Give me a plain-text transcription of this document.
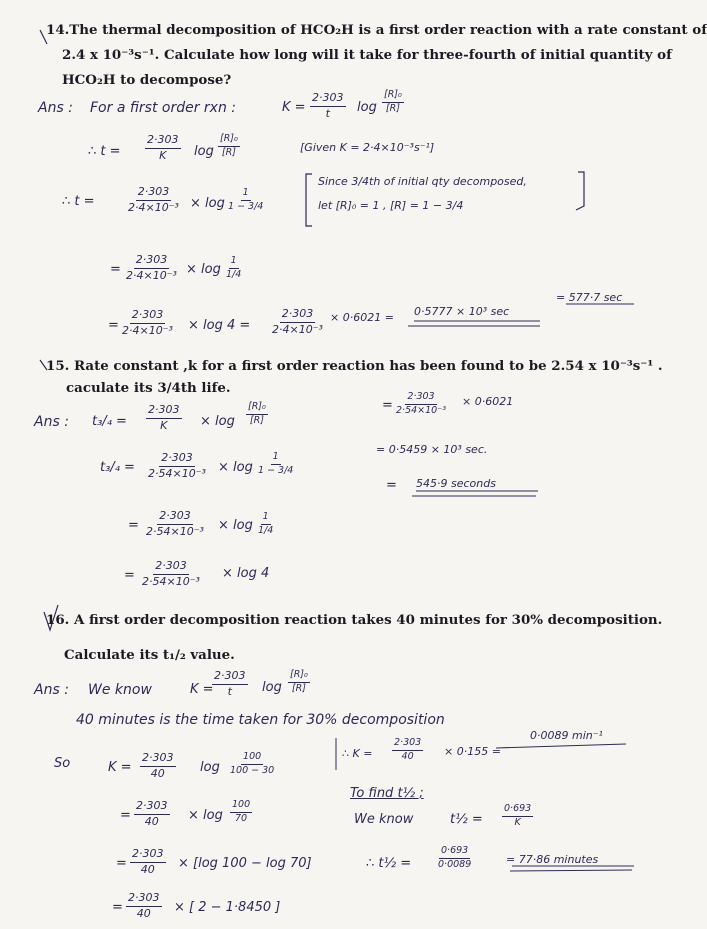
14.The thermal decomposition of HCO₂H is a first order reaction with a rate constant of
2.4 x 10⁻³s⁻¹. Calculate how long will it take for three-fourth of initial quantity of
HCO₂H to decompose?
Ans : For a first order rxn :	$K = \frac{2\cdot 303}{t}$ $\log \frac{\text{[R]₀}}{[R]}$
∴ $t = \frac{2\cdot 303}{K}$ $\log \frac{\text{[R]₀}}{[R]}$	[Given K = 2·4×10⁻³s⁻¹]
∴ t =	$\frac{2\cdot 303}{\text{2·4×10⁻³}} \times \log \frac{1}{1 - 3/4}$
Since 3/4th of initial qty decomposed,
let [R]₀ = 1 , [R] = 1 − 3/4
= $\frac{2\cdot 303}{\text{2·4×10⁻³}} \times \log \frac{1}{1/4}$
= $\frac{2\cdot 303}{\text{2·4×10⁻³}} \times \log 4 = \frac{2\cdot 303}{\text{2·4×10⁻³}} \times 0\cdot 6021 = 0\cdot 5777 \times 10^3$ sec
= 577·7 sec
15. Rate constant ,k for a first order reaction has been found to be 2.54 x 10⁻³s⁻¹ .
caculate its 3/4th life.
Ans : $t_3/_4 = \frac{2\cdot 303}{K} \times \log \frac{\text{[R]₀}}{[R]}$
$t_3/_4 = \frac{2\cdot 303}{\text{2·54×10⁻³}} \times \log \frac{1}{1 - 3/4}$
= $\frac{2\cdot 303}{\text{2·54×10⁻³}} \times \log \frac{1}{1/4}$
= $\frac{2\cdot 303}{\text{2·54×10⁻³}} \times \log 4$
= $\frac{2\cdot 303}{\text{2·54×10⁻³}} \times 0\cdot 6021$
= 0·5459 × 10³ sec.
= 545·9 seconds
16. A first order decomposition reaction takes 40 minutes for 30% decomposition.
Calculate its t₁/₂ value.
Ans : We know	K =
$\frac{2\cdot 303}{t}$ $\log \frac{\text{[R]₀}}{[R]}$
40 minutes is the time taken for 30% decomposition
So	$K = \frac{2\cdot 303}{40}$ $\log \frac{100}{100 - 30}$
= $\frac{2\cdot 303}{40} \times \log \frac{100}{70}$
= $\frac{2\cdot 303}{40} \times [\log$ 100 − log 70]
= $\frac{2\cdot 303}{40}$ × [ 2 − 1·8450 ]
∴ $K = \frac{2\cdot 303}{40} \times 0\cdot 155$ =
0·0089 min⁻¹
To find t½ ;
We know	t½ = $\frac{0\cdot 693}{K}$
∴ t½ =	$\frac{0\cdot 693}{0\cdot 0089}$	= 77·86 minutes
